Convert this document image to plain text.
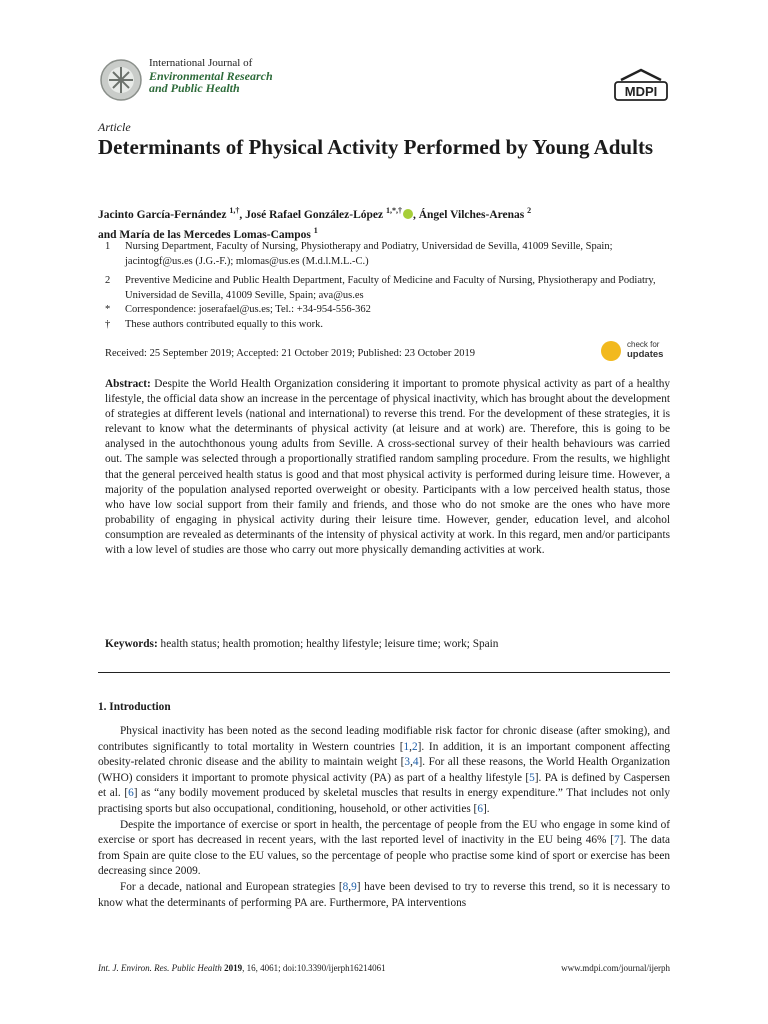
International Journal of
Environmental Research
and Public Health	MDPI
Article
Determinants of Physical Activity Performed by Young Adults
Jacinto García-Fernández $^{1,\dagger}$, José Rafael González-López $^{1,*,\dagger}$ , Ángel Vilches-Arenas $^2$
and María de las Mercedes Lomas-Campos $^1$
1	Nursing Department, Faculty of Nursing, Physiotherapy and Podiatry, Universidad de Sevilla, 41009 Seville, Spain; jacintogf@us.es (J.G.-F.); mlomas@us.es (M.d.l.M.L.-C.)
2	Preventive Medicine and Public Health Department, Faculty of Medicine and Faculty of Nursing, Physiotherapy and Podiatry, Universidad de Sevilla, 41009 Seville, Spain; ava@us.es
*	Correspondence: joserafael@us.es; Tel.: +34-954-556-362
†	These authors contributed equally to this work.
Received: 25 September 2019; Accepted: 21 October 2019; Published: 23 October 2019
check for
updates
Abstract: Despite the World Health Organization considering it important to promote physical activity as part of a healthy lifestyle, the official data show an increase in the percentage of physical inactivity, which has brought about the development of strategies at different levels (national and international) to reverse this trend. For the development of these strategies, it is relevant to know what the determinants of physical activity (at leisure and at work) are. Therefore, this is going to be analysed in the autochthonous young adults from Seville. A cross-sectional survey of their health behaviours was carried out. The sample was selected through a proportionally stratified random sampling procedure. From the results, we highlight that the general perceived health status is good and that most physical activity is performed during leisure time. However, a majority of the population analysed reported overweight or obesity. Participants with a low perceived health status, those who have low social support from their family and friends, and those who do not smoke are the ones who have more probability of engaging in physical activity during their leisure time. However, gender, education level, and alcohol consumption are revealed as determinants of the intensity of physical activity at work. In this regard, men and/or participants with a low level of studies are those who carry out more physically demanding activities at work.
Keywords: health status; health promotion; healthy lifestyle; leisure time; work; Spain
1. Introduction

Physical inactivity has been noted as the second leading modifiable risk factor for chronic disease (after smoking), and contributes significantly to total mortality in Western countries [1,2]. In addition, it is an important component affecting obesity-related chronic disease and the ability to maintain weight [3,4]. For all these reasons, the World Health Organization (WHO) considers it important to promote physical activity (PA) as part of a healthy lifestyle [5]. PA is defined by Caspersen et al. [6] as “any bodily movement produced by skeletal muscles that results in energy expenditure.” That includes not only practising sports but also occupational, conditioning, household, or other activities [6].

Despite the importance of exercise or sport in health, the percentage of people from the EU who engage in some kind of exercise or sport has decreased in recent years, with the last reported level of inactivity in the EU being 46% [7]. The data from Spain are quite close to the EU values, so the percentage of people who practise some kind of sport or exercise has been decreasing since 2009.

For a decade, national and European strategies [8,9] have been devised to try to reverse this trend, so it is necessary to know what the determinants of performing PA are. Furthermore, PA interventions

Int. J. Environ. Res. Public Health 2019, 16, 4061; doi:10.3390/ijerph16214061	www.mdpi.com/journal/ijerph
